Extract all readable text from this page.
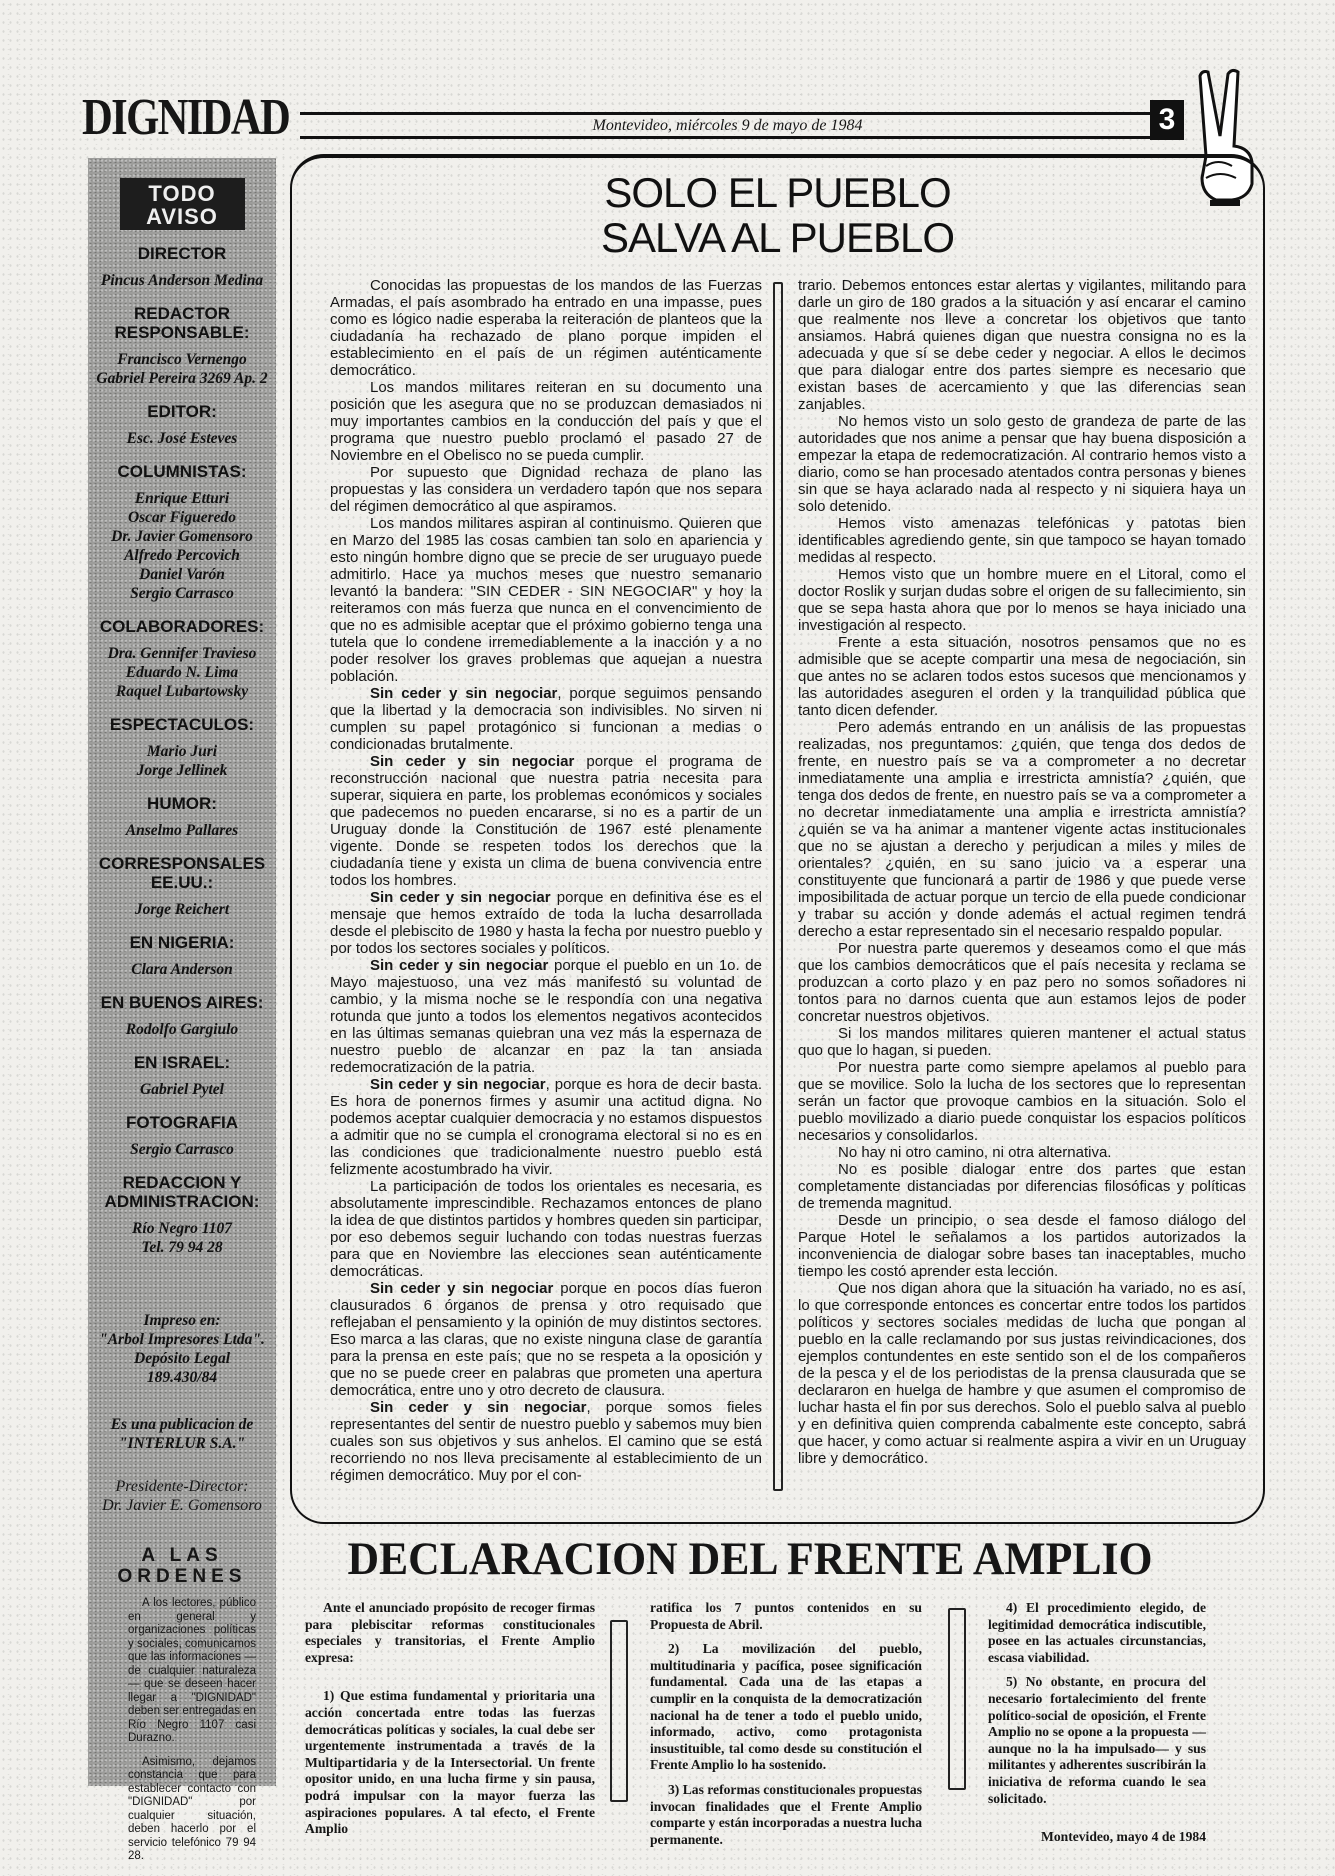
DIGNIDAD	Montevideo, miércoles 9 de mayo de 1984	3
TODO
AVISO
DIRECTOR
Pincus Anderson Medina
REDACTOR RESPONSABLE:
Francisco Vernengo
Gabriel Pereira 3269 Ap. 2
EDITOR:
Esc. José Esteves
COLUMNISTAS:
Enrique Etturi
Oscar Figueredo
Dr. Javier Gomensoro
Alfredo Percovich
Daniel Varón
Sergio Carrasco
COLABORADORES:
Dra. Gennifer Travieso
Eduardo N. Lima
Raquel Lubartowsky
ESPECTACULOS:
Mario Juri
Jorge Jellinek
HUMOR:
Anselmo Pallares
CORRESPONSALES EE.UU.:
Jorge Reichert
EN NIGERIA:
Clara Anderson
EN BUENOS AIRES:
Rodolfo Gargiulo
EN ISRAEL:
Gabriel Pytel
FOTOGRAFIA
Sergio Carrasco
REDACCION Y ADMINISTRACION:
Río Negro 1107
Tel. 79 94 28
Impreso en:
"Arbol Impresores Ltda".
Depósito Legal
189.430/84
Es una publicacion de
"INTERLUR S.A."
Presidente-Director:
Dr. Javier E. Gomensoro
A LAS ORDENES

A los lectores, público en general y organizaciones políticas y sociales, comunicamos que las informaciones —de cualquier naturaleza— que se deseen hacer llegar a "DIGNIDAD" deben ser entregadas en Río Negro 1107 casi Durazno.

Asimismo, dejamos constancia que para establecer contacto con "DIGNIDAD" por cualquier situación, deben hacerlo por el servicio telefónico 79 94 28.

SOLO EL PUEBLO
SALVA AL PUEBLO

Conocidas las propuestas de los mandos de las Fuerzas Armadas, el país asombrado ha entrado en una impasse, pues como es lógico nadie esperaba la reiteración de planteos que la ciudadanía ha rechazado de plano porque impiden el establecimiento en el país de un régimen auténticamente democrático.

Los mandos militares reiteran en su documento una posición que les asegura que no se produzcan demasiados ni muy importantes cambios en la conducción del país y que el programa que nuestro pueblo proclamó el pasado 27 de Noviembre en el Obelisco no se pueda cumplir.

Por supuesto que Dignidad rechaza de plano las propuestas y las considera un verdadero tapón que nos separa del régimen democrático al que aspiramos.

Los mandos militares aspiran al continuismo. Quieren que en Marzo del 1985 las cosas cambien tan solo en apariencia y esto ningún hombre digno que se precie de ser uruguayo puede admitirlo. Hace ya muchos meses que nuestro semanario levantó la bandera: "SIN CEDER - SIN NEGOCIAR" y hoy la reiteramos con más fuerza que nunca en el convencimiento de que no es admisible aceptar que el próximo gobierno tenga una tutela que lo condene irremediablemente a la inacción y a no poder resolver los graves problemas que aquejan a nuestra población.

Sin ceder y sin negociar, porque seguimos pensando que la libertad y la democracia son indivisibles. No sirven ni cumplen su papel protagónico si funcionan a medias o condicionadas brutalmente.

Sin ceder y sin negociar porque el programa de reconstrucción nacional que nuestra patria necesita para superar, siquiera en parte, los problemas económicos y sociales que padecemos no pueden encararse, si no es a partir de un Uruguay donde la Constitución de 1967 esté plenamente vigente. Donde se respeten todos los derechos que la ciudadanía tiene y exista un clima de buena convivencia entre todos los hombres.

Sin ceder y sin negociar porque en definitiva ése es el mensaje que hemos extraído de toda la lucha desarrollada desde el plebiscito de 1980 y hasta la fecha por nuestro pueblo y por todos los sectores sociales y políticos.

Sin ceder y sin negociar porque el pueblo en un 1o. de Mayo majestuoso, una vez más manifestó su voluntad de cambio, y la misma noche se le respondía con una negativa rotunda que junto a todos los elementos negativos acontecidos en las últimas semanas quiebran una vez más la espernaza de nuestro pueblo de alcanzar en paz la tan ansiada redemocratización de la patria.

Sin ceder y sin negociar, porque es hora de decir basta. Es hora de ponernos firmes y asumir una actitud digna. No podemos aceptar cualquier democracia y no estamos dispuestos a admitir que no se cumpla el cronograma electoral si no es en las condiciones que tradicionalmente nuestro pueblo está felizmente acostumbrado ha vivir.

La participación de todos los orientales es necesaria, es absolutamente imprescindible. Rechazamos entonces de plano la idea de que distintos partidos y hombres queden sin participar, por eso debemos seguir luchando con todas nuestras fuerzas para que en Noviembre las elecciones sean auténticamente democráticas.

Sin ceder y sin negociar porque en pocos días fueron clausurados 6 órganos de prensa y otro requisado que reflejaban el pensamiento y la opinión de muy distintos sectores. Eso marca a las claras, que no existe ninguna clase de garantía para la prensa en este país; que no se respeta a la oposición y que no se puede creer en palabras que prometen una apertura democrática, entre uno y otro decreto de clausura.

Sin ceder y sin negociar, porque somos fieles representantes del sentir de nuestro pueblo y sabemos muy bien cuales son sus objetivos y sus anhelos. El camino que se está recorriendo no nos lleva precisamente al establecimiento de un régimen democrático. Muy por el con-

trario. Debemos entonces estar alertas y vigilantes, militando para darle un giro de 180 grados a la situación y así encarar el camino que realmente nos lleve a concretar los objetivos que tanto ansiamos. Habrá quienes digan que nuestra consigna no es la adecuada y que sí se debe ceder y negociar. A ellos le decimos que para dialogar entre dos partes siempre es necesario que existan bases de acercamiento y que las diferencias sean zanjables.

No hemos visto un solo gesto de grandeza de parte de las autoridades que nos anime a pensar que hay buena disposición a empezar la etapa de redemocratización. Al contrario hemos visto a diario, como se han procesado atentados contra personas y bienes sin que se haya aclarado nada al respecto y ni siquiera haya un solo detenido.

Hemos visto amenazas telefónicas y patotas bien identificables agrediendo gente, sin que tampoco se hayan tomado medidas al respecto.

Hemos visto que un hombre muere en el Litoral, como el doctor Roslik y surjan dudas sobre el origen de su fallecimiento, sin que se sepa hasta ahora que por lo menos se haya iniciado una investigación al respecto.

Frente a esta situación, nosotros pensamos que no es admisible que se acepte compartir una mesa de negociación, sin que antes no se aclaren todos estos sucesos que mencionamos y las autoridades aseguren el orden y la tranquilidad pública que tanto dicen defender.

Pero además entrando en un análisis de las propuestas realizadas, nos preguntamos: ¿quién, que tenga dos dedos de frente, en nuestro país se va a comprometer a no decretar inmediatamente una amplia e irrestricta amnistía? ¿quién, que tenga dos dedos de frente, en nuestro país se va a comprometer a no decretar inmediatamente una amplia e irrestricta amnistía? ¿quién se va ha animar a mantener vigente actas institucionales que no se ajustan a derecho y perjudican a miles y miles de orientales? ¿quién, en su sano juicio va a esperar una constituyente que funcionará a partir de 1986 y que puede verse imposibilitada de actuar porque un tercio de ella puede condicionar y trabar su acción y donde además el actual regimen tendrá derecho a estar representado sin el necesario respaldo popular.

Por nuestra parte queremos y deseamos como el que más que los cambios democráticos que el país necesita y reclama se produzcan a corto plazo y en paz pero no somos soñadores ni tontos para no darnos cuenta que aun estamos lejos de poder concretar nuestros objetivos.

Si los mandos militares quieren mantener el actual status quo que lo hagan, si pueden.

Por nuestra parte como siempre apelamos al pueblo para que se movilice. Solo la lucha de los sectores que lo representan serán un factor que provoque cambios en la situación. Solo el pueblo movilizado a diario puede conquistar los espacios políticos necesarios y consolidarlos.

No hay ni otro camino, ni otra alternativa.

No es posible dialogar entre dos partes que estan completamente distanciadas por diferencias filosóficas y políticas de tremenda magnitud.

Desde un principio, o sea desde el famoso diálogo del Parque Hotel le señalamos a los partidos autorizados la inconveniencia de dialogar sobre bases tan inaceptables, mucho tiempo les costó aprender esta lección.

Que nos digan ahora que la situación ha variado, no es así, lo que corresponde entonces es concertar entre todos los partidos políticos y sectores sociales medidas de lucha que pongan al pueblo en la calle reclamando por sus justas reivindicaciones, dos ejemplos contundentes en este sentido son el de los compañeros de la pesca y el de los periodistas de la prensa clausurada que se declararon en huelga de hambre y que asumen el compromiso de luchar hasta el fin por sus derechos. Solo el pueblo salva al pueblo y en definitiva quien comprenda cabalmente este concepto, sabrá que hacer, y como actuar si realmente aspira a vivir en un Uruguay libre y democrático.

DECLARACION DEL FRENTE AMPLIO

Ante el anunciado propósito de recoger firmas para plebiscitar reformas constitucionales especiales y transitorias, el Frente Amplio expresa:

1) Que estima fundamental y prioritaria una acción concertada entre todas las fuerzas democráticas políticas y sociales, la cual debe ser urgentemente instrumentada a través de la Multipartidaria y de la Intersectorial. Un frente opositor unido, en una lucha firme y sin pausa, podrá impulsar con la mayor fuerza las aspiraciones populares. A tal efecto, el Frente Amplio

ratifica los 7 puntos contenidos en su Propuesta de Abril.

2) La movilización del pueblo, multitudinaria y pacífica, posee significación fundamental. Cada una de las etapas a cumplir en la conquista de la democratización nacional ha de tener a todo el pueblo unido, informado, activo, como protagonista insustituible, tal como desde su constitución el Frente Amplio lo ha sostenido.

3) Las reformas constitucionales propuestas invocan finalidades que el Frente Amplio comparte y están incorporadas a nuestra lucha permanente.

4) El procedimiento elegido, de legitimidad democrática indiscutible, posee en las actuales circunstancias, escasa viabilidad.

5) No obstante, en procura del necesario fortalecimiento del frente político-social de oposición, el Frente Amplio no se opone a la propuesta —aunque no la ha impulsado— y sus militantes y adherentes suscribirán la iniciativa de reforma cuando le sea solicitado.

Montevideo, mayo 4 de 1984
